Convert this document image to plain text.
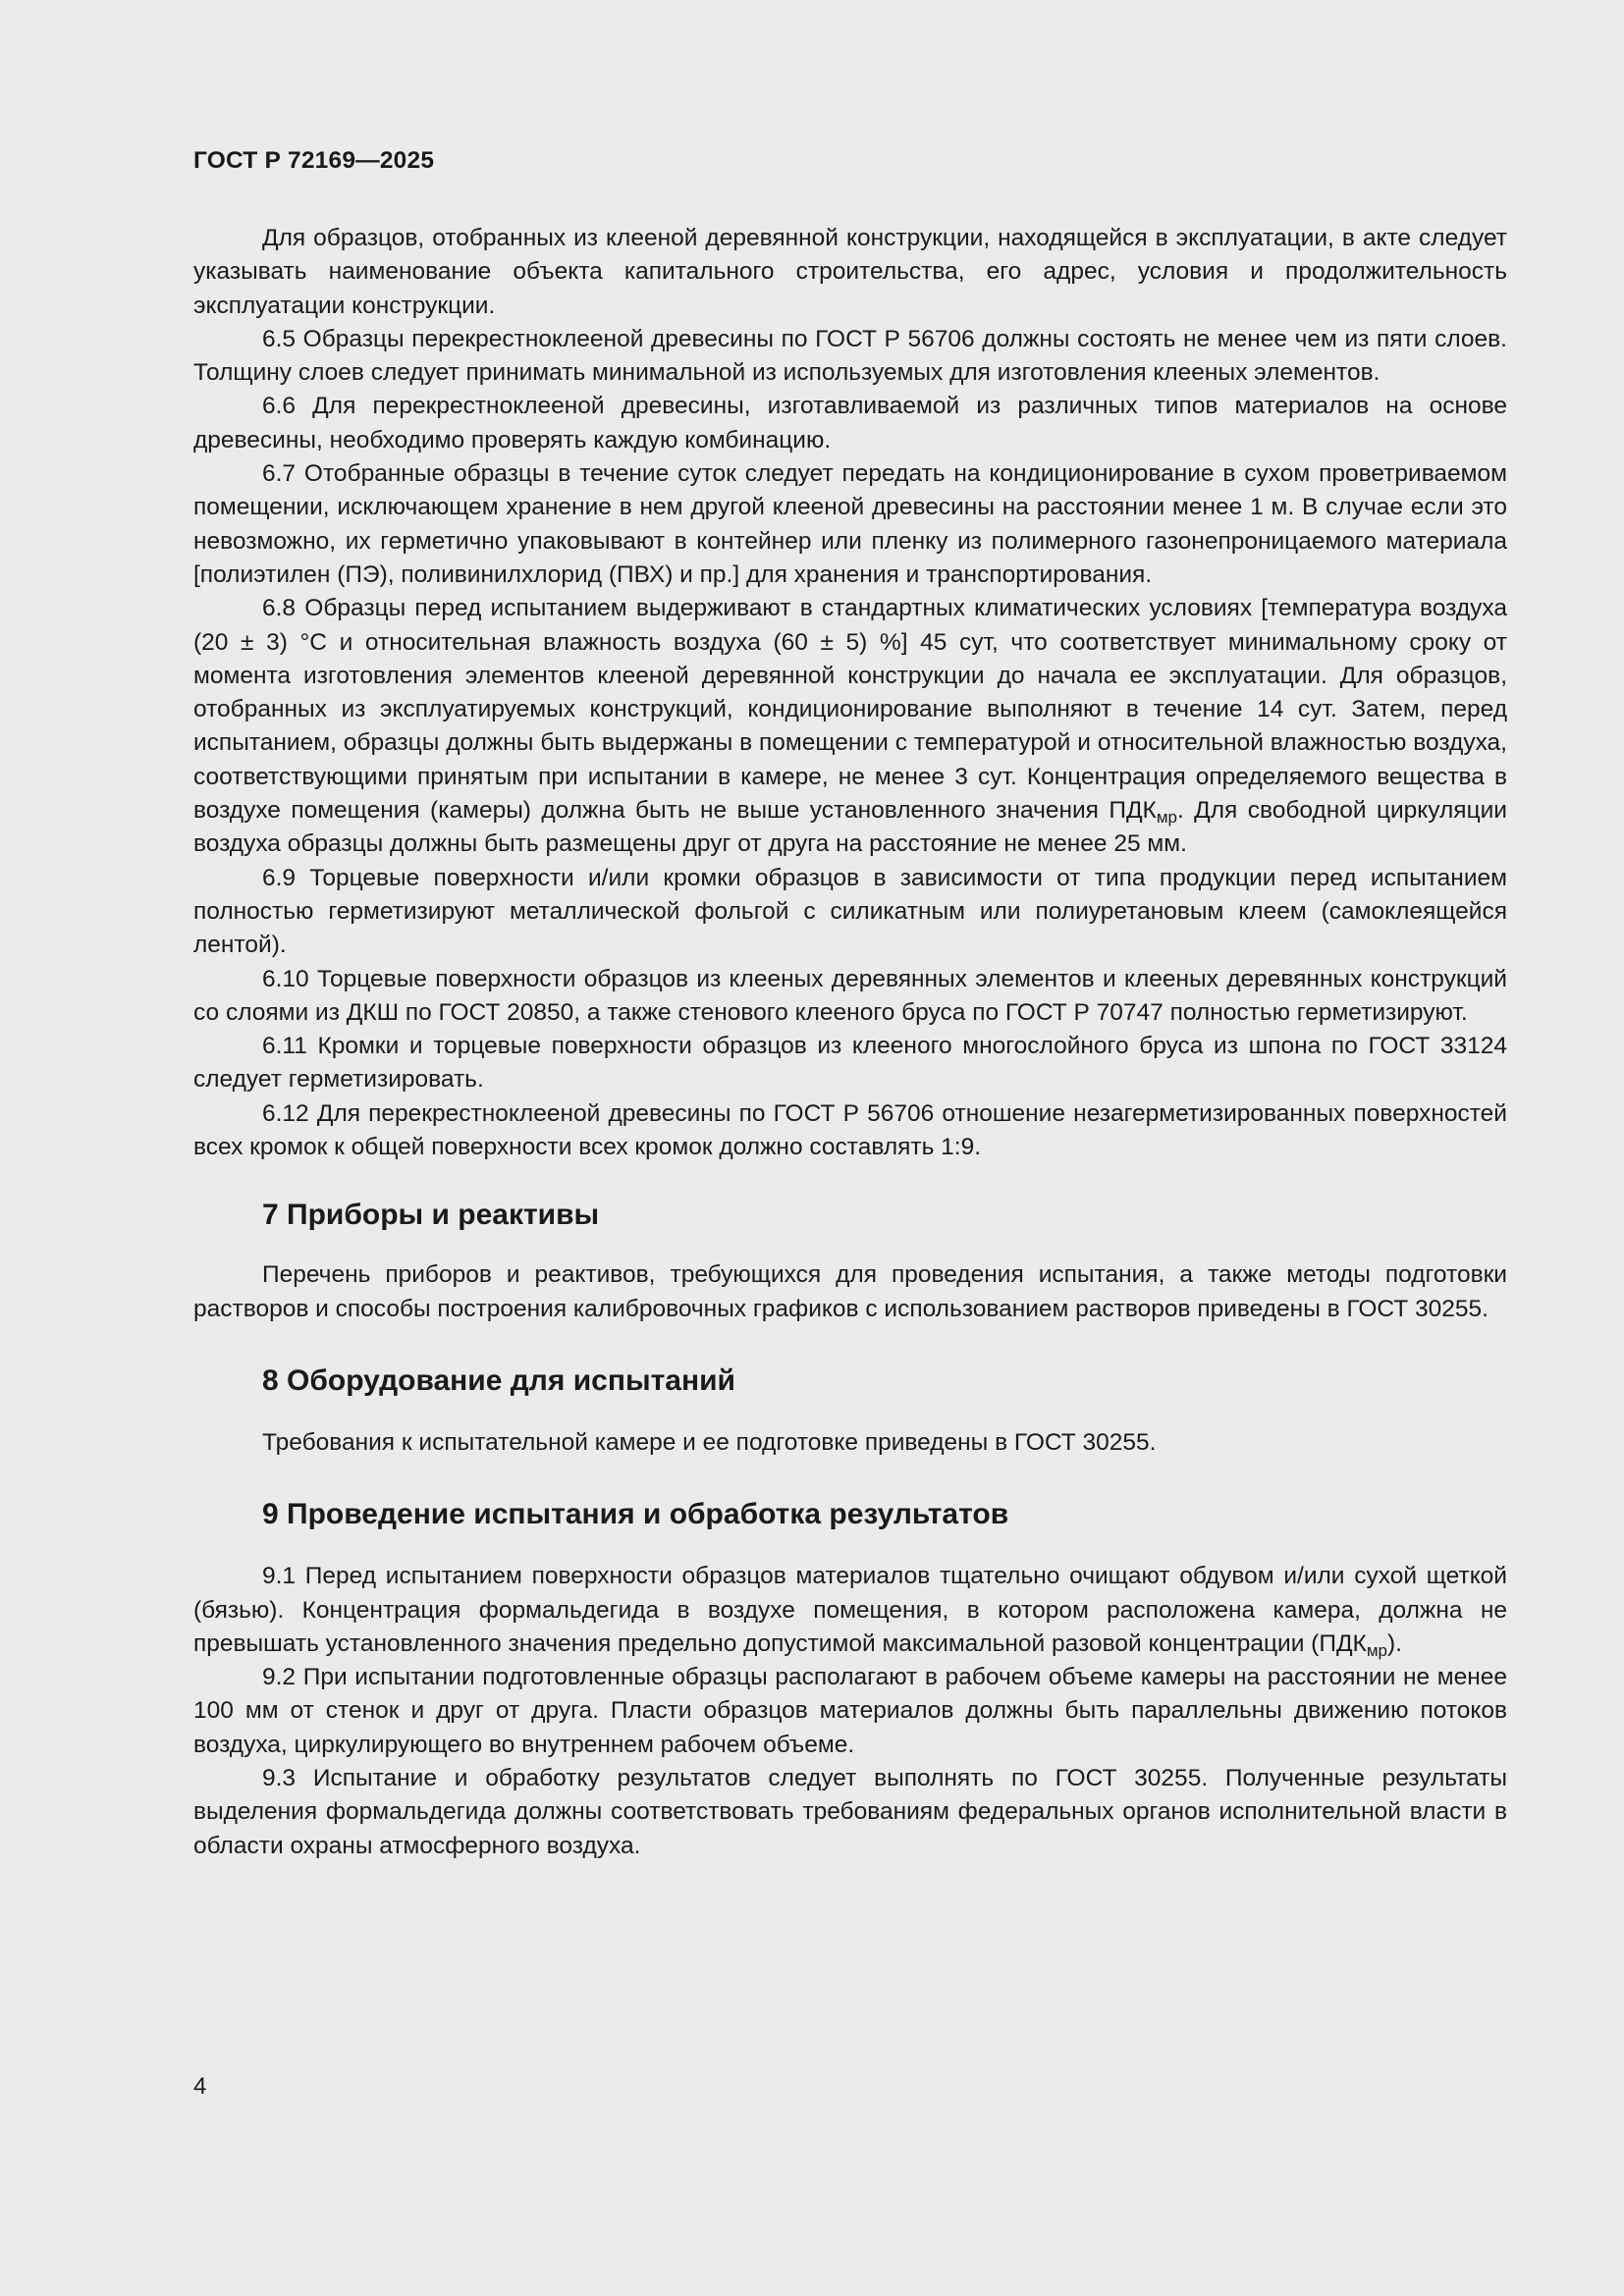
ГОСТ Р 72169—2025

Для образцов, отобранных из клееной деревянной конструкции, находящейся в эксплуатации, в акте следует указывать наименование объекта капитального строительства, его адрес, условия и продолжительность эксплуатации конструкции.

6.5 Образцы перекрестноклееной древесины по ГОСТ Р 56706 должны состоять не менее чем из пяти слоев. Толщину слоев следует принимать минимальной из используемых для изготовления клееных элементов.

6.6 Для перекрестноклееной древесины, изготавливаемой из различных типов материалов на основе древесины, необходимо проверять каждую комбинацию.

6.7 Отобранные образцы в течение суток следует передать на кондиционирование в сухом проветриваемом помещении, исключающем хранение в нем другой клееной древесины на расстоянии менее 1 м. В случае если это невозможно, их герметично упаковывают в контейнер или пленку из полимерного газонепроницаемого материала [полиэтилен (ПЭ), поливинилхлорид (ПВХ) и пр.] для хранения и транспортирования.

6.8 Образцы перед испытанием выдерживают в стандартных климатических условиях [температура воздуха (20 ± 3) °С и относительная влажность воздуха (60 ± 5) %] 45 сут, что соответствует минимальному сроку от момента изготовления элементов клееной деревянной конструкции до начала ее эксплуатации. Для образцов, отобранных из эксплуатируемых конструкций, кондиционирование выполняют в течение 14 сут. Затем, перед испытанием, образцы должны быть выдержаны в помещении с температурой и относительной влажностью воздуха, соответствующими принятым при испытании в камере, не менее 3 сут. Концентрация определяемого вещества в воздухе помещения (камеры) должна быть не выше установленного значения $ПДК_{мр}$. Для свободной циркуляции воздуха образцы должны быть размещены друг от друга на расстояние не менее 25 мм.

6.9 Торцевые поверхности и/или кромки образцов в зависимости от типа продукции перед испытанием полностью герметизируют металлической фольгой с силикатным или полиуретановым клеем (самоклеящейся лентой).

6.10 Торцевые поверхности образцов из клееных деревянных элементов и клееных деревянных конструкций со слоями из ДКШ по ГОСТ 20850, а также стенового клееного бруса по ГОСТ Р 70747 полностью герметизируют.

6.11 Кромки и торцевые поверхности образцов из клееного многослойного бруса из шпона по ГОСТ 33124 следует герметизировать.

6.12 Для перекрестноклееной древесины по ГОСТ Р 56706 отношение незагерметизированных поверхностей всех кромок к общей поверхности всех кромок должно составлять 1:9.

7 Приборы и реактивы

Перечень приборов и реактивов, требующихся для проведения испытания, а также методы подготовки растворов и способы построения калибровочных графиков с использованием растворов приведены в ГОСТ 30255.

8 Оборудование для испытаний

Требования к испытательной камере и ее подготовке приведены в ГОСТ 30255.

9 Проведение испытания и обработка результатов

9.1 Перед испытанием поверхности образцов материалов тщательно очищают обдувом и/или сухой щеткой (бязью). Концентрация формальдегида в воздухе помещения, в котором расположена камера, должна не превышать установленного значения предельно допустимой максимальной разовой концентрации $(ПДК_{мр})$.

9.2 При испытании подготовленные образцы располагают в рабочем объеме камеры на расстоянии не менее 100 мм от стенок и друг от друга. Пласти образцов материалов должны быть параллельны движению потоков воздуха, циркулирующего во внутреннем рабочем объеме.

9.3 Испытание и обработку результатов следует выполнять по ГОСТ 30255. Полученные результаты выделения формальдегида должны соответствовать требованиям федеральных органов исполнительной власти в области охраны атмосферного воздуха.

4
